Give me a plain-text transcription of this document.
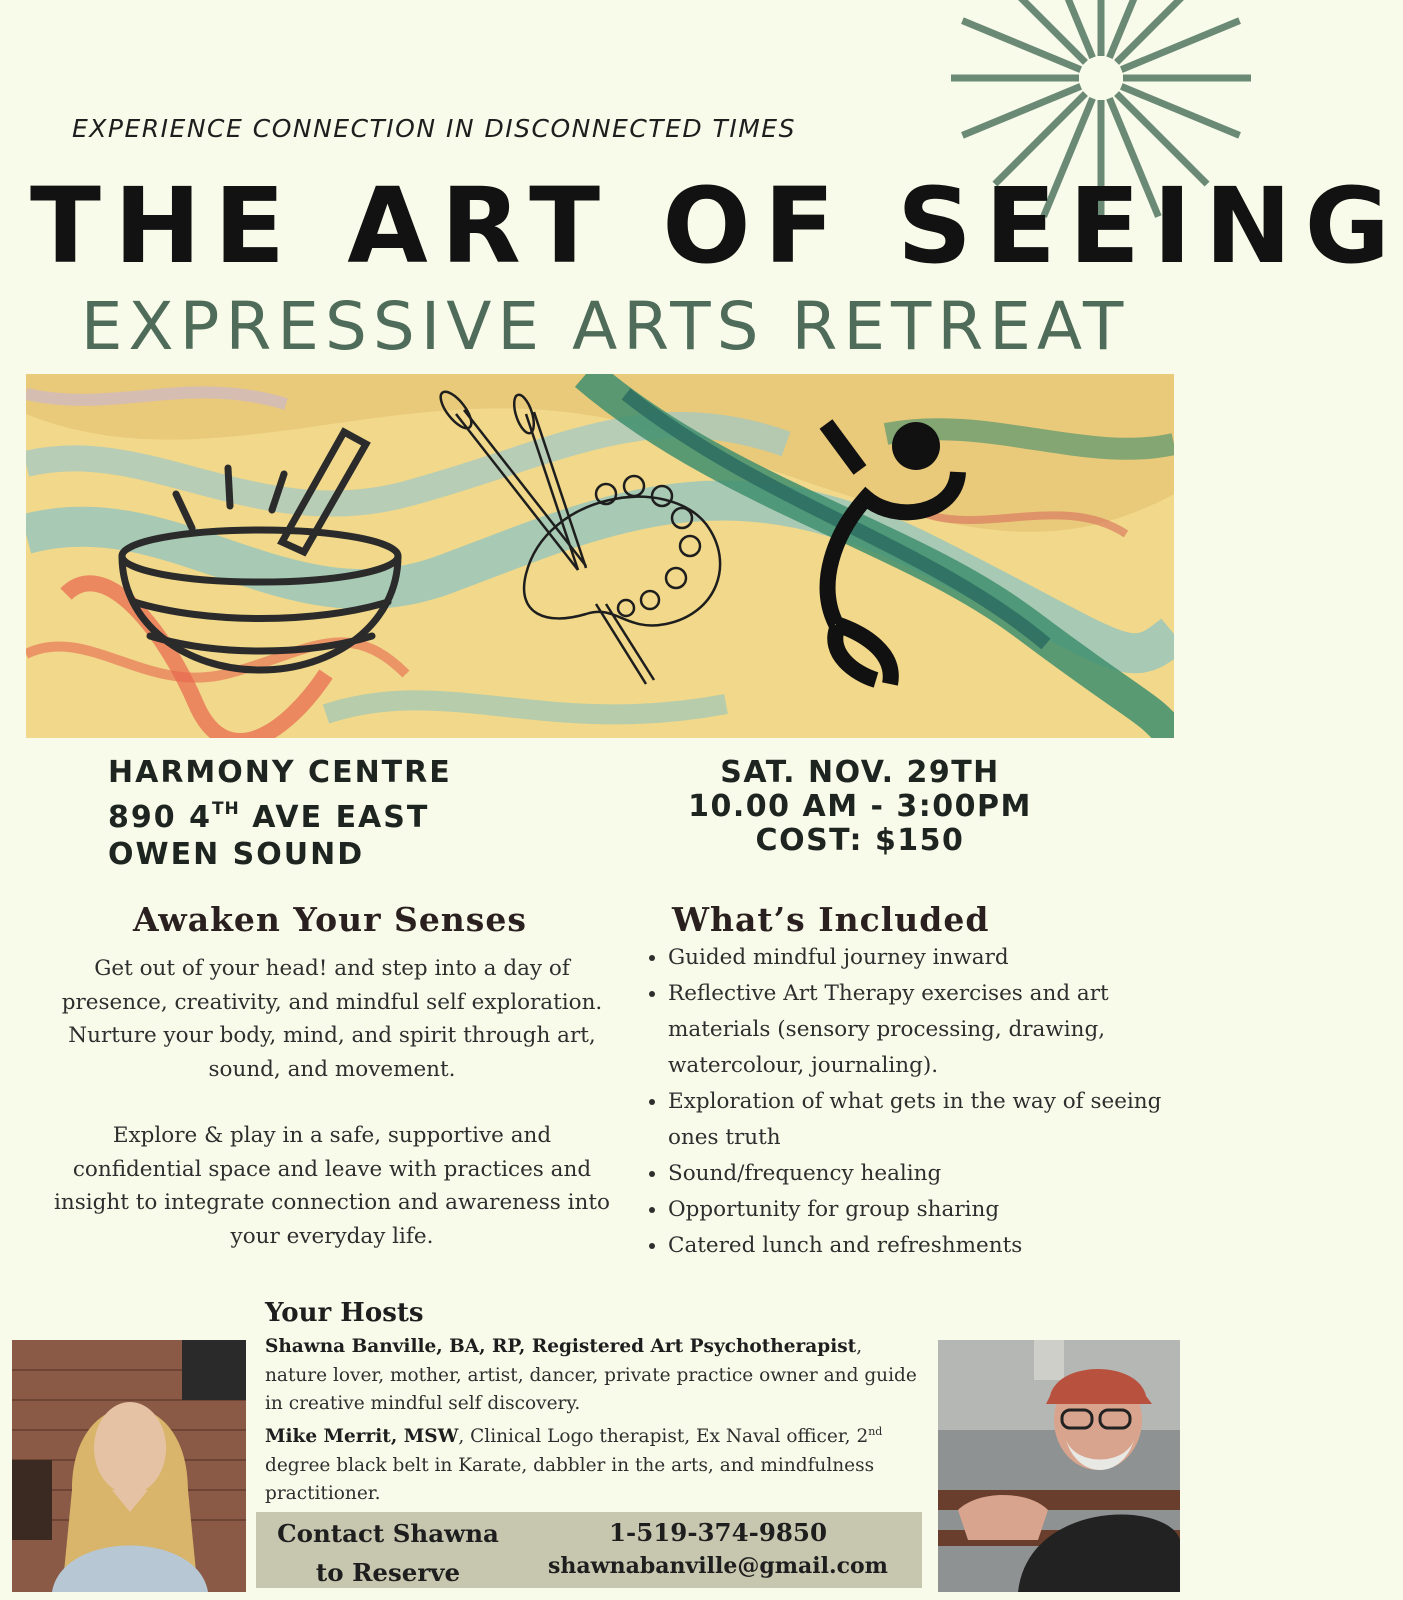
EXPERIENCE CONNECTION IN DISCONNECTED TIMES
THE ART OF SEEING
EXPRESSIVE ARTS RETREAT
HARMONY CENTRE
890 4TH AVE EAST
OWEN SOUND
SAT. NOV. 29TH
10.00 AM - 3:00PM
COST: $150
Awaken Your Senses
Get out of your head! and step into a day of presence, creativity, and mindful self exploration. Nurture your body, mind, and spirit through art, sound, and movement.
Explore & play in a safe, supportive and confidential space and leave with practices and insight to integrate connection and awareness into your everyday life.
What’s Included
• Guided mindful journey inward
• Reflective Art Therapy exercises and art materials (sensory processing, drawing, watercolour, journaling).
• Exploration of what gets in the way of seeing ones truth
• Sound/frequency healing
• Opportunity for group sharing
• Catered lunch and refreshments
Your Hosts
Shawna Banville, BA, RP, Registered Art Psychotherapist, nature lover, mother, artist, dancer, private practice owner and guide in creative mindful self discovery.
Mike Merrit, MSW, Clinical Logo therapist, Ex Naval officer, 2nd degree black belt in Karate, dabbler in the arts, and mindfulness practitioner.
Contact Shawna
to Reserve
1-519-374-9850
shawnabanville@gmail.com
